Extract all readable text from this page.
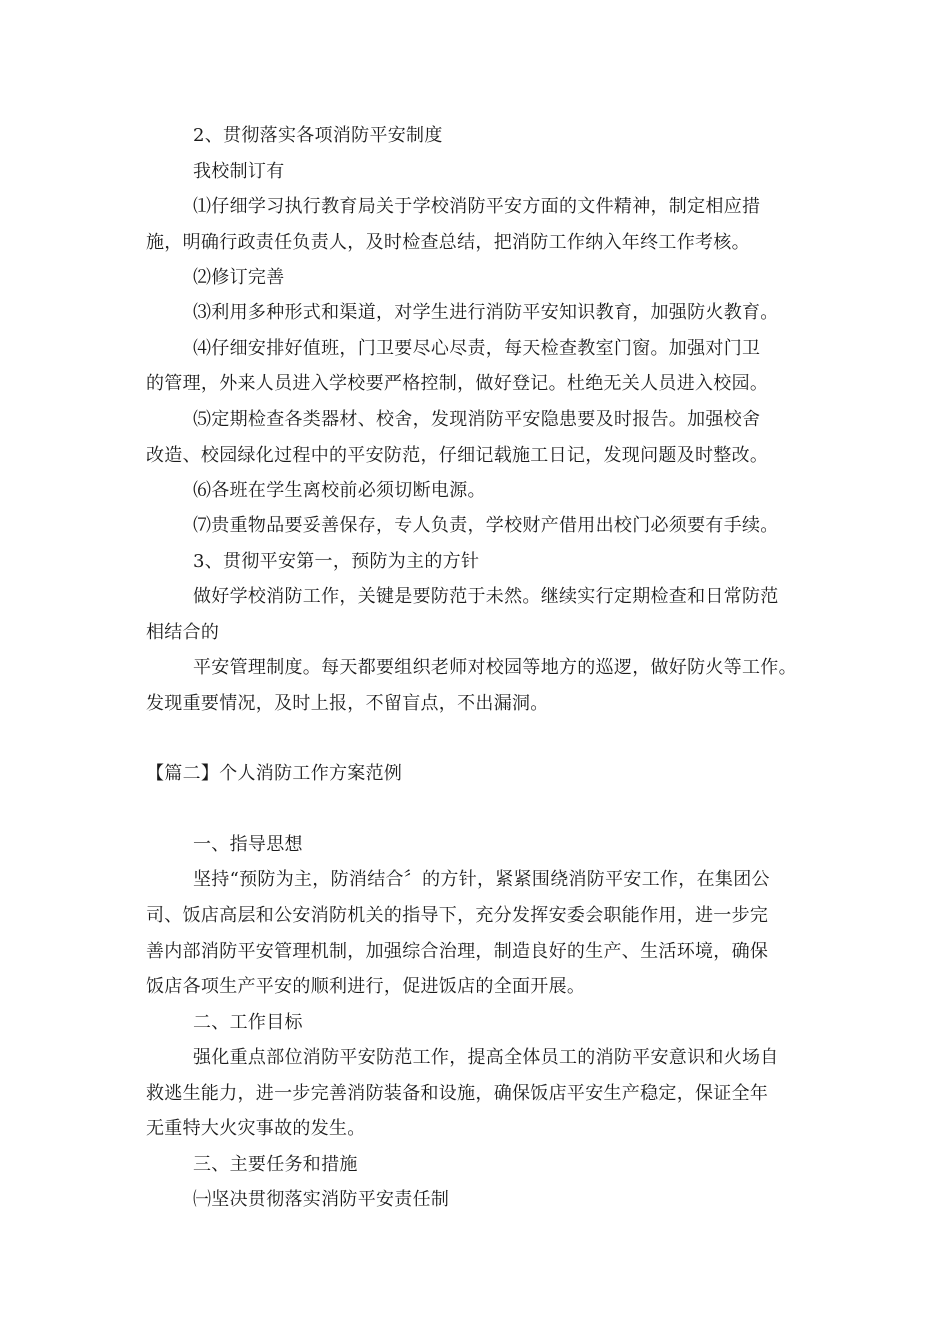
2、贯彻落实各项消防平安制度
我校制订有
⑴仔细学习执行教育局关于学校消防平安方面的文件精神，制定相应措
施，明确行政责任负责人，及时检查总结，把消防工作纳入年终工作考核。
⑵修订完善
⑶利用多种形式和渠道，对学生进行消防平安知识教育，加强防火教育。
⑷仔细安排好值班，门卫要尽心尽责，每天检查教室门窗。加强对门卫
的管理，外来人员进入学校要严格控制，做好登记。杜绝无关人员进入校园。
⑸定期检查各类器材、校舍，发现消防平安隐患要及时报告。加强校舍
改造、校园绿化过程中的平安防范，仔细记载施工日记，发现问题及时整改。
⑹各班在学生离校前必须切断电源。
⑺贵重物品要妥善保存，专人负责，学校财产借用出校门必须要有手续。
3、贯彻平安第一，预防为主的方针
做好学校消防工作，关键是要防范于未然。继续实行定期检查和日常防范
相结合的
平安管理制度。每天都要组织老师对校园等地方的巡逻，做好防火等工作。
发现重要情况，及时上报，不留盲点，不出漏洞。
【篇二】个人消防工作方案范例
一、指导思想
坚持“预防为主，防消结合〞的方针，紧紧围绕消防平安工作，在集团公
司、饭店高层和公安消防机关的指导下，充分发挥安委会职能作用，进一步完
善内部消防平安管理机制，加强综合治理，制造良好的生产、生活环境，确保
饭店各项生产平安的顺利进行，促进饭店的全面开展。
二、工作目标
强化重点部位消防平安防范工作，提高全体员工的消防平安意识和火场自
救逃生能力，进一步完善消防装备和设施，确保饭店平安生产稳定，保证全年
无重特大火灾事故的发生。
三、主要任务和措施
㈠坚决贯彻落实消防平安责任制
